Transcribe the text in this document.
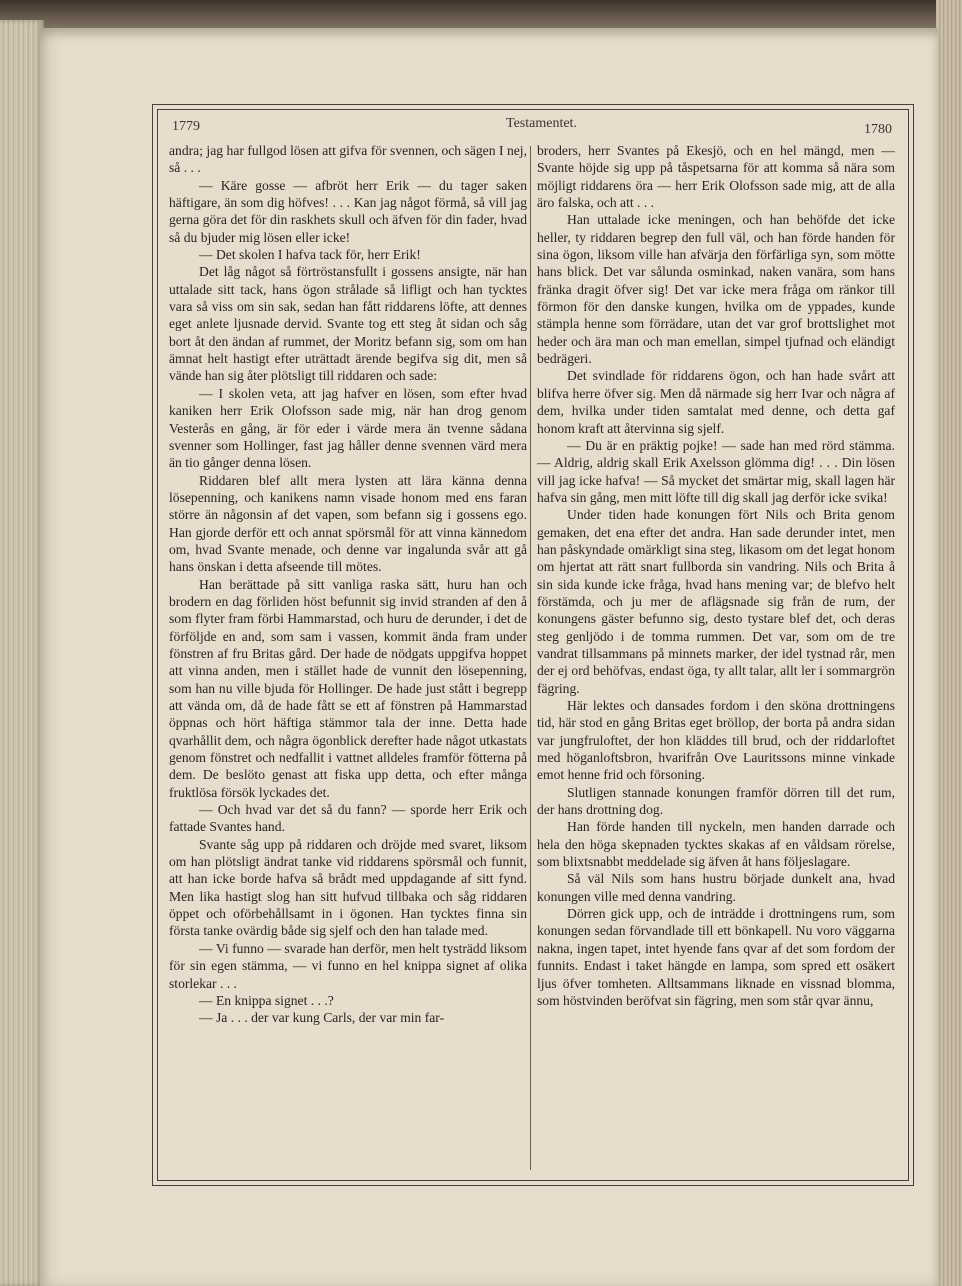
1779	Testamentet.	1780

andra; jag har fullgod lösen att gifva för svennen, och sägen I nej, så . . .

— Käre gosse — afbröt herr Erik — du tager saken häftigare, än som dig höfves! . . . Kan jag något förmå, så vill jag gerna göra det för din raskhets skull och äfven för din fader, hvad så du bjuder mig lösen eller icke!

— Det skolen I hafva tack för, herr Erik!

Det låg något så förtröstansfullt i gossens ansigte, när han uttalade sitt tack, hans ögon strålade så lifligt och han tycktes vara så viss om sin sak, sedan han fått riddarens löfte, att dennes eget anlete ljusnade dervid. Svante tog ett steg åt sidan och såg bort åt den ändan af rummet, der Moritz befann sig, som om han ämnat helt hastigt efter uträttadt ärende begifva sig dit, men så vände han sig åter plötsligt till riddaren och sade:

— I skolen veta, att jag hafver en lösen, som efter hvad kaniken herr Erik Olofsson sade mig, när han drog genom Vesterås en gång, är för eder i värde mera än tvenne sådana svenner som Hollinger, fast jag håller denne svennen värd mera än tio gånger denna lösen.

Riddaren blef allt mera lysten att lära känna denna lösepenning, och kanikens namn visade honom med ens faran större än någonsin af det vapen, som befann sig i gossens ego. Han gjorde derför ett och annat spörsmål för att vinna kännedom om, hvad Svante menade, och denne var ingalunda svår att gå hans önskan i detta afseende till mötes.

Han berättade på sitt vanliga raska sätt, huru han och brodern en dag förliden höst befunnit sig invid stranden af den å som flyter fram förbi Hammarstad, och huru de derunder, i det de förföljde en and, som sam i vassen, kommit ända fram under fönstren af fru Britas gård. Der hade de nödgats uppgifva hoppet att vinna anden, men i stället hade de vunnit den lösepenning, som han nu ville bjuda för Hollinger. De hade just stått i begrepp att vända om, då de hade fått se ett af fönstren på Hammarstad öppnas och hört häftiga stämmor tala der inne. Detta hade qvarhållit dem, och några ögonblick derefter hade något utkastats genom fönstret och nedfallit i vattnet alldeles framför fötterna på dem. De beslöto genast att fiska upp detta, och efter många fruktlösa försök lyckades det.

— Och hvad var det så du fann? — sporde herr Erik och fattade Svantes hand.

Svante såg upp på riddaren och dröjde med svaret, liksom om han plötsligt ändrat tanke vid riddarens spörsmål och funnit, att han icke borde hafva så brådt med uppdagande af sitt fynd. Men lika hastigt slog han sitt hufvud tillbaka och såg riddaren öppet och oförbehållsamt in i ögonen. Han tycktes finna sin första tanke ovärdig både sig sjelf och den han talade med.

— Vi funno — svarade han derför, men helt tysträdd liksom för sin egen stämma, — vi funno en hel knippa signet af olika storlekar . . .

— En knippa signet . . .?

— Ja . . . der var kung Carls, der var min far-

broders, herr Svantes på Ekesjö, och en hel mängd, men — Svante höjde sig upp på tåspetsarna för att komma så nära som möjligt riddarens öra — herr Erik Olofsson sade mig, att de alla äro falska, och att . . .

Han uttalade icke meningen, och han behöfde det icke heller, ty riddaren begrep den full väl, och han förde handen för sina ögon, liksom ville han afvärja den förfärliga syn, som mötte hans blick. Det var sålunda osminkad, naken vanära, som hans fränka dragit öfver sig! Det var icke mera fråga om ränkor till förmon för den danske kungen, hvilka om de yppades, kunde stämpla henne som förrädare, utan det var grof brottslighet mot heder och ära man och man emellan, simpel tjufnad och eländigt bedrägeri.

Det svindlade för riddarens ögon, och han hade svårt att blifva herre öfver sig. Men då närmade sig herr Ivar och några af dem, hvilka under tiden samtalat med denne, och detta gaf honom kraft att återvinna sig sjelf.

— Du är en präktig pojke! — sade han med rörd stämma. — Aldrig, aldrig skall Erik Axelsson glömma dig! . . . Din lösen vill jag icke hafva! — Så mycket det smärtar mig, skall lagen här hafva sin gång, men mitt löfte till dig skall jag derför icke svika!

Under tiden hade konungen fört Nils och Brita genom gemaken, det ena efter det andra. Han sade derunder intet, men han påskyndade omärkligt sina steg, likasom om det legat honom om hjertat att rätt snart fullborda sin vandring. Nils och Brita å sin sida kunde icke fråga, hvad hans mening var; de blefvo helt förstämda, och ju mer de aflägsnade sig från de rum, der konungens gäster befunno sig, desto tystare blef det, och deras steg genljödo i de tomma rummen. Det var, som om de tre vandrat tillsammans på minnets marker, der idel tystnad rår, men der ej ord behöfvas, endast öga, ty allt talar, allt ler i sommargrön fägring.

Här lektes och dansades fordom i den sköna drottningens tid, här stod en gång Britas eget bröllop, der borta på andra sidan var jungfruloftet, der hon kläddes till brud, och der riddarloftet med höganloftsbron, hvarifrån Ove Lauritssons minne vinkade emot henne frid och försoning.

Slutligen stannade konungen framför dörren till det rum, der hans drottning dog.

Han förde handen till nyckeln, men handen darrade och hela den höga skepnaden tycktes skakas af en våldsam rörelse, som blixtsnabbt meddelade sig äfven åt hans följeslagare.

Så väl Nils som hans hustru började dunkelt ana, hvad konungen ville med denna vandring.

Dörren gick upp, och de inträdde i drottningens rum, som konungen sedan förvandlade till ett bönkapell. Nu voro väggarna nakna, ingen tapet, intet hyende fans qvar af det som fordom der funnits. Endast i taket hängde en lampa, som spred ett osäkert ljus öfver tomheten. Alltsammans liknade en vissnad blomma, som höstvinden beröfvat sin fägring, men som står qvar ännu,
